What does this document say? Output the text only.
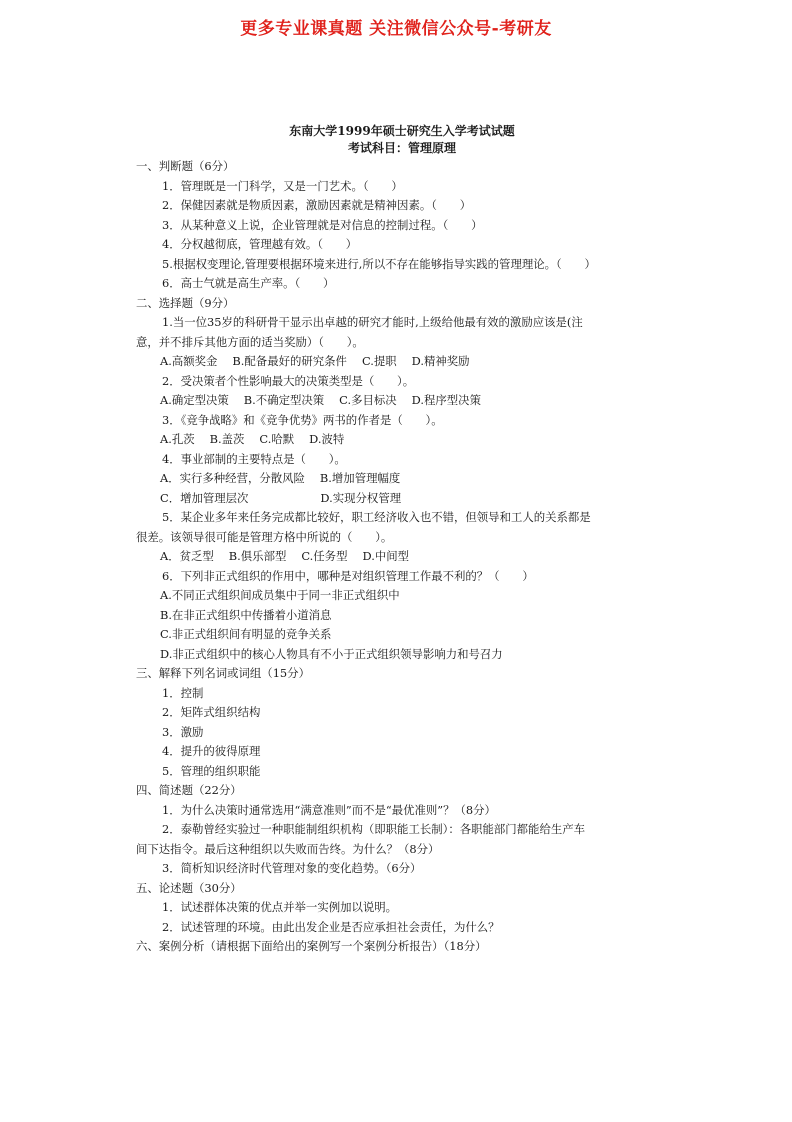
更多专业课真题 关注微信公众号-考研友

东南大学1999年硕士研究生入学考试试题

考试科目：管理原理

一、判断题（6分）
1．管理既是一门科学，又是一门艺术。（　　）
2．保健因素就是物质因素，激励因素就是精神因素。（　　）
3．从某种意义上说，企业管理就是对信息的控制过程。（　　）
4．分权越彻底，管理越有效。（　　）
5.根据权变理论,管理要根据环境来进行,所以不存在能够指导实践的管理理论。（　　）
6．高士气就是高生产率。（　　）
二、选择题（9分）
1.当一位35岁的科研骨干显示出卓越的研究才能时,上级给他最有效的激励应该是(注
意，并不排斥其他方面的适当奖励）（　　）。
A.高额奖金　 B.配备最好的研究条件　 C.提职　 D.精神奖励
2．受决策者个性影响最大的决策类型是（　　）。
A.确定型决策　 B.不确定型决策　 C.多目标决　 D.程序型决策
3．《竞争战略》和《竞争优势》两书的作者是（　　）。
A.孔茨　 B.盖茨　 C.哈默　 D.波特
4．事业部制的主要特点是（　　）。
A．实行多种经营，分散风险　 B.增加管理幅度
C．增加管理层次　　　　　　 D.实现分权管理
5．某企业多年来任务完成都比较好，职工经济收入也不错，但领导和工人的关系都是
很差。该领导很可能是管理方格中所说的（　　）。
A．贫乏型　 B.俱乐部型　 C.任务型　 D.中间型
6．下列非正式组织的作用中，哪种是对组织管理工作最不利的？（　　）
A.不同正式组织间成员集中于同一非正式组织中
B.在非正式组织中传播着小道消息
C.非正式组织间有明显的竞争关系
D.非正式组织中的核心人物具有不小于正式组织领导影响力和号召力
三、解释下列名词或词组（15分）
1．控制
2．矩阵式组织结构
3．激励
4．提升的彼得原理
5．管理的组织职能
四、简述题（22分）
1．为什么决策时通常选用“满意准则”而不是“最优准则”？（8分）
2．泰勒曾经实验过一种职能制组织机构（即职能工长制）：各职能部门都能给生产车
间下达指令。最后这种组织以失败而告终。为什么？（8分）
3．简析知识经济时代管理对象的变化趋势。（6分）
五、论述题（30分）
1．试述群体决策的优点并举一实例加以说明。
2．试述管理的环境。由此出发企业是否应承担社会责任，为什么？
六、案例分析（请根据下面给出的案例写一个案例分析报告）（18分）
